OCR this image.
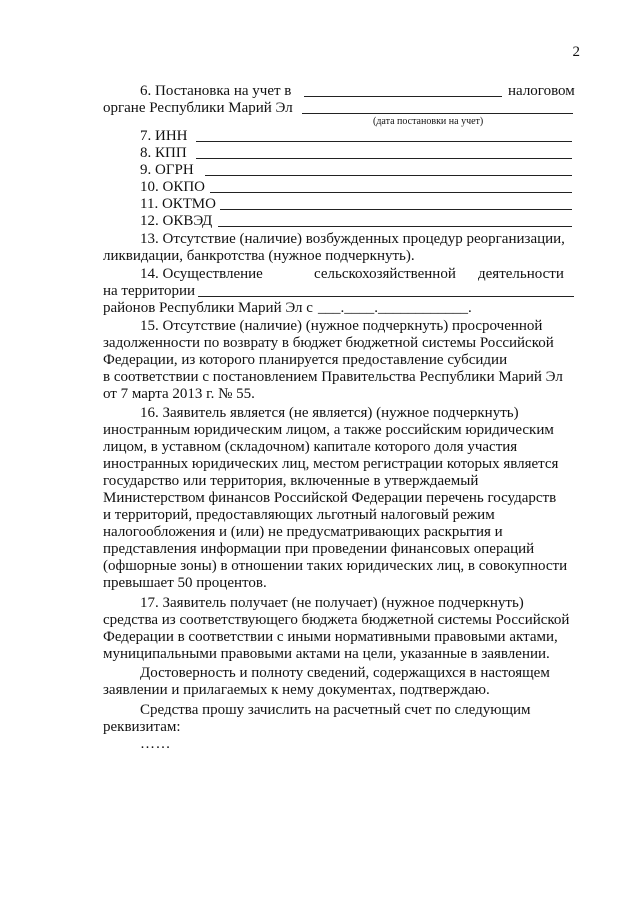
2
6. Постановка на учет в	налоговом
органе Республики Марий Эл
(дата постановки на учет)
7. ИНН
8. КПП
9. ОГРН
10. ОКПО
11. ОКТМО
12. ОКВЭД
13. Отсутствие (наличие) возбужденных процедур реорганизации,
ликвидации, банкротства (нужное подчеркнуть).
14. Осуществление	сельскохозяйственной деятельности
на территории
районов Республики Марий Эл с ___.____.____________.
15. Отсутствие (наличие) (нужное подчеркнуть) просроченной
задолженности по возврату в бюджет бюджетной системы Российской
Федерации, из которого планируется предоставление субсидии
в соответствии с постановлением Правительства Республики Марий Эл
от 7 марта 2013 г. № 55.
16. Заявитель является (не является) (нужное подчеркнуть)
иностранным юридическим лицом, а также российским юридическим
лицом, в уставном (складочном) капитале которого доля участия
иностранных юридических лиц, местом регистрации которых является
государство или территория, включенные в утверждаемый
Министерством финансов Российской Федерации перечень государств
и территорий, предоставляющих льготный налоговый режим
налогообложения и (или) не предусматривающих раскрытия и
представления информации при проведении финансовых операций
(офшорные зоны) в отношении таких юридических лиц, в совокупности
превышает 50 процентов.
17. Заявитель получает (не получает) (нужное подчеркнуть)
средства из соответствующего бюджета бюджетной системы Российской
Федерации в соответствии с иными нормативными правовыми актами,
муниципальными правовыми актами на цели, указанные в заявлении.
Достоверность и полноту сведений, содержащихся в настоящем
заявлении и прилагаемых к нему документах, подтверждаю.
Средства прошу зачислить на расчетный счет по следующим
реквизитам:
……
